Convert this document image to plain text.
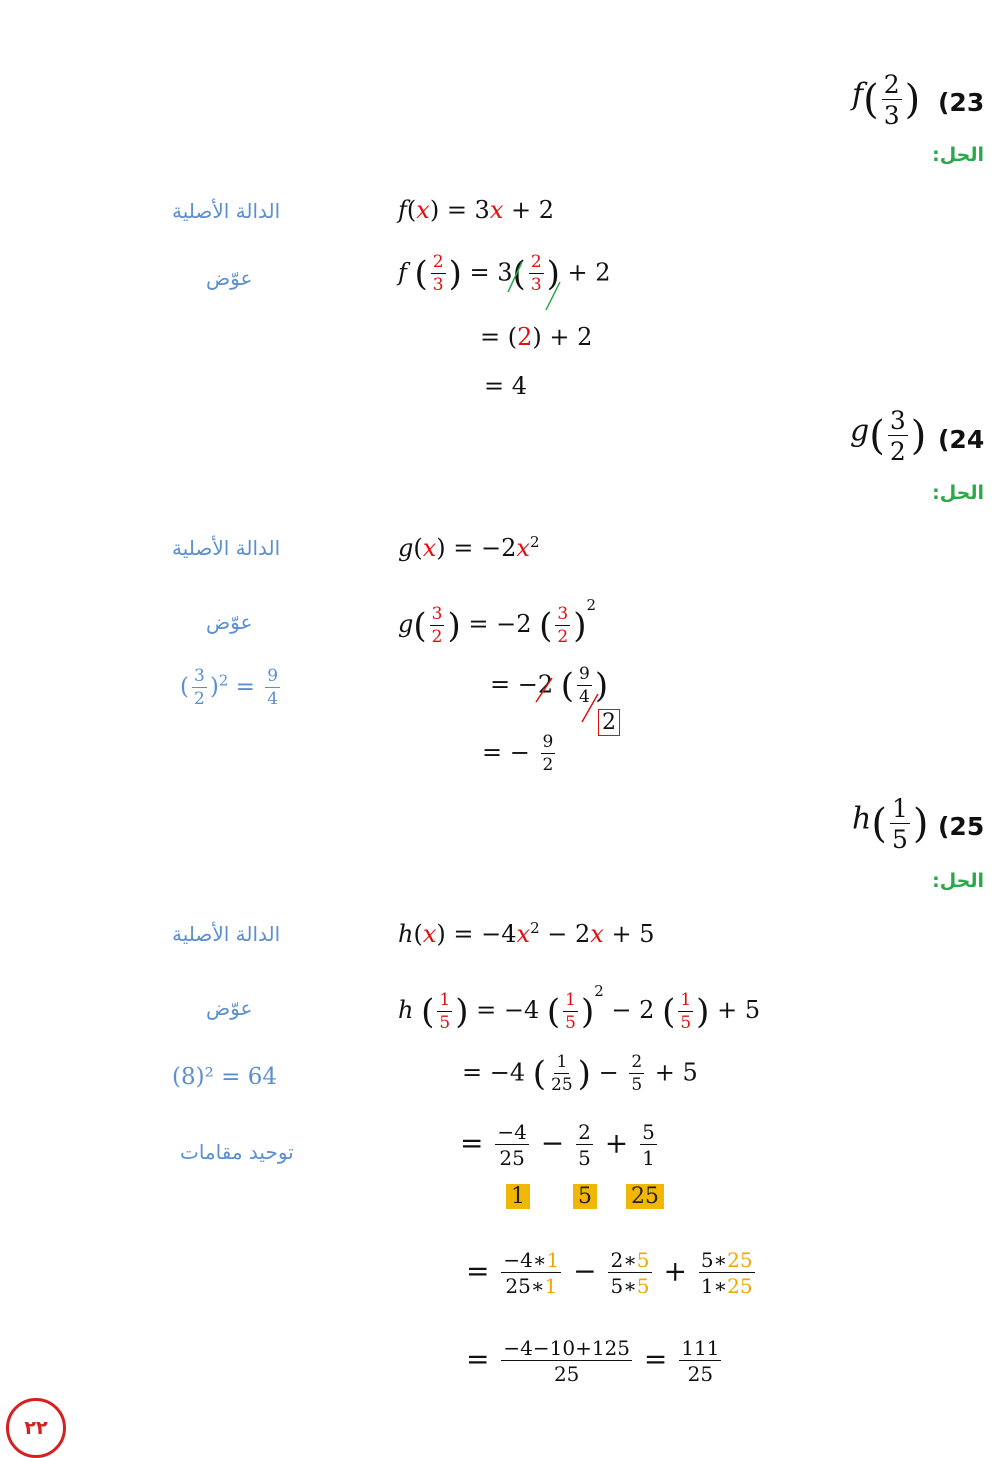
$f( \frac{2}{3}$ ) (23
الحل:
الدالة الأصلية	f(x) = 3x + 2
عوّض	f ( $\frac{2}{3}$ ) = $3( \frac{2}{3}$ ) + 2
= (2) + 2
= 4
$g( \frac{3}{2}$ ) (24
الحل:
الدالة الأصلية	$g(x) = -2x^2$
عوّض	$g( \frac{3}{2}$ ) = −2 ( $\frac{3}{2} )^2$
( $\frac{3}{2} )^2 = \frac{9}{4}$	= −2 ( $\frac{9}{4}$ )
2
= − $\frac{9}{2}$
$h( \frac{1}{5}$ ) (25
الحل:
الدالة الأصلية	$h(x) = -4x^2 - 2x + 5$
عوّض	h ( $\frac{1}{5}$ ) = −4 ( $\frac{1}{5} )^2 - 2$ ( $\frac{1}{5}$ ) + 5
(8)² = 64	= −4 ( $\frac{1}{25}$ ) − $\frac{2}{5} + 5$
توحيد مقامات	= $\frac{-4}{25} - \frac{2}{5} + \frac{5}{1}$
1 5 25
= $\frac{-4∗1}{25∗1} - \frac{2∗5}{5∗5} + \frac{5∗25}{1∗25}$
= $\frac{-4-10+125}{25} = \frac{111}{25}$
٢٢
